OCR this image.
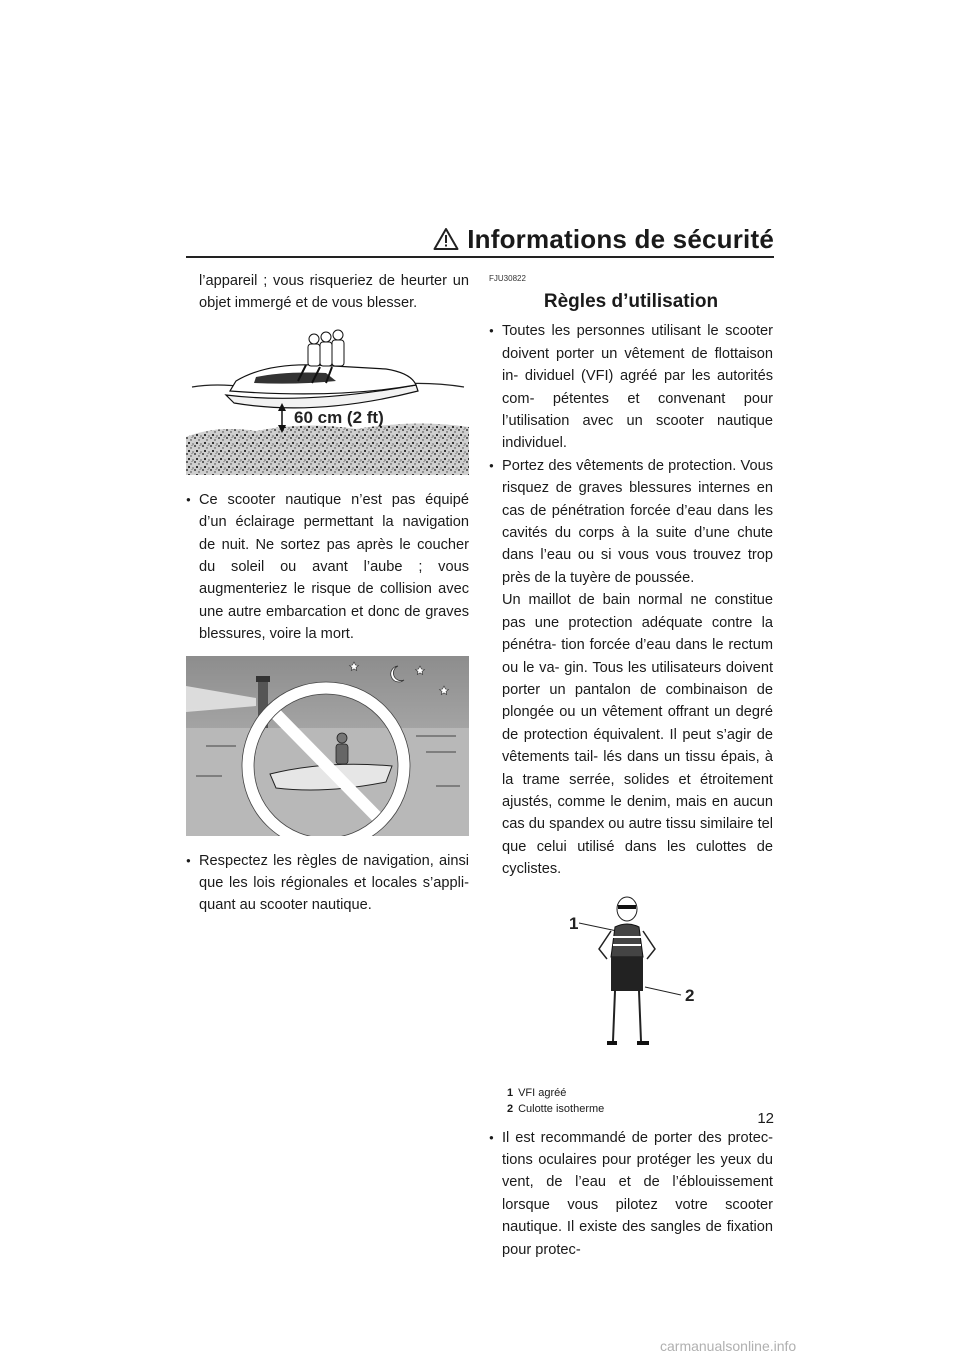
Informations de sécurité

l’appareil ; vous risqueriez de heurter un objet immergé et de vous blesser.

60 cm (2 ft)
● Ce scooter nautique n’est pas équipé d’un éclairage permettant la navigation de nuit. Ne sortez pas après le coucher du soleil ou avant l’aube ; vous augmenteriez le risque de collision avec une autre embarcation et donc de graves blessures, voire la mort.
● Respectez les règles de navigation, ainsi que les lois régionales et locales s’appli- quant au scooter nautique.
FJU30822
Règles d’utilisation
● Toutes les personnes utilisant le scooter doivent porter un vêtement de flottaison in- dividuel (VFI) agréé par les autorités com- pétentes et convenant pour l’utilisation avec un scooter nautique individuel.
● Portez des vêtements de protection. Vous risquez de graves blessures internes en cas de pénétration forcée d’eau dans les cavités du corps à la suite d’une chute dans l’eau ou si vous vous trouvez trop près de la tuyère de poussée.

Un maillot de bain normal ne constitue pas une protection adéquate contre la pénétra- tion forcée d’eau dans le rectum ou le va- gin. Tous les utilisateurs doivent porter un pantalon de combinaison de plongée ou un vêtement offrant un degré de protection équivalent. Il peut s’agir de vêtements tail- lés dans un tissu épais, à la trame serrée, solides et étroitement ajustés, comme le denim, mais en aucun cas du spandex ou autre tissu similaire tel que celui utilisé dans les culottes de cyclistes.

1
2
1 VFI agréé
2 Culotte isotherme
● Il est recommandé de porter des protec- tions oculaires pour protéger les yeux du vent, de l’eau et de l’éblouissement lorsque vous pilotez votre scooter nautique. Il existe des sangles de fixation pour protec-
12
carmanualsonline.info
